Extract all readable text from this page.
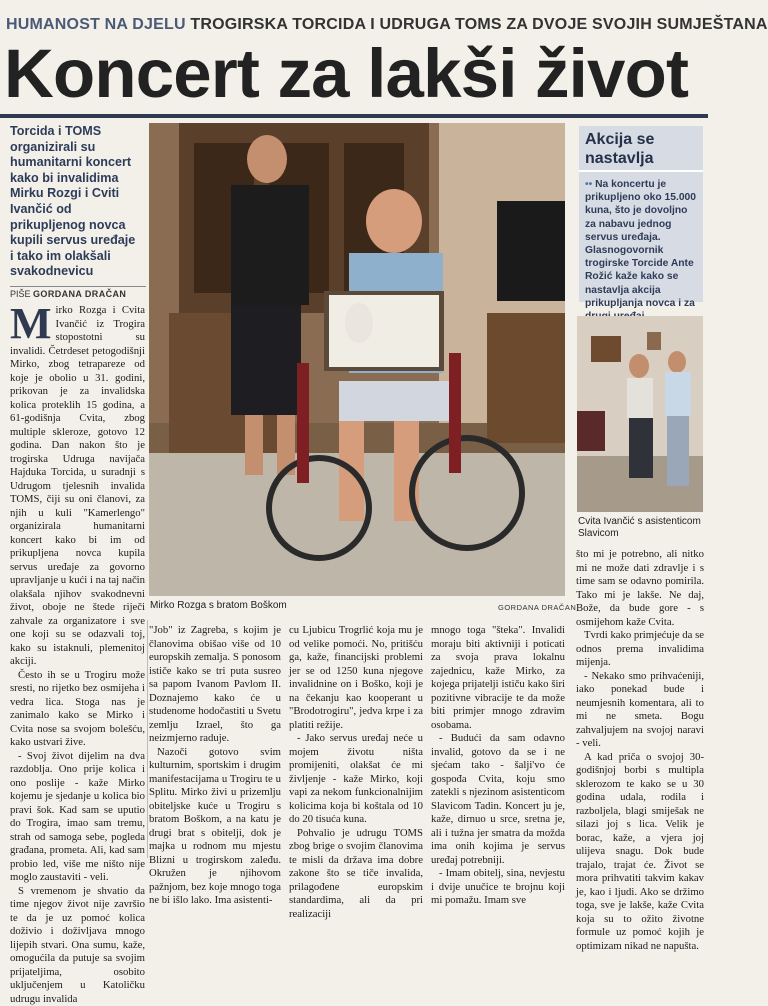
HUMANOST NA DJELU TROGIRSKA TORCIDA I UDRUGA TOMS ZA DVOJE SVOJIH SUMJEŠTANA
Koncert za lakši život
Torcida i TOMS organizirali su humanitarni koncert kako bi invalidima Mirku Rozgi i Cviti Ivančić od prikupljenog novca kupili servus uređaje i tako im olakšali svakodnevicu
PIŠE GORDANA DRAČAN
M irko Rozga i Cvita Ivančić iz Trogira stopostotni su invalidi. Četrdeset petogodišnji Mirko, zbog tetraparezе od koje je obolio u 31. godini, prikovan je za invalidska kolica proteklih 15 godina, a 61-godišnja Cvita, zbog multiple skleroze, gotovo 12 godina. Dan nakon što je trogirska Udruga navijača Hajduka Torcida, u suradnji s Udrugom tjelesnih invalida TOMS, čiji su oni članovi, za njih u kuli "Kamerlengo" organizirala humanitarni koncert kako bi im od prikupljena novca kupila servus uređaje za govorno upravljanje u kući i na taj način olakšala njihov svakodnevni život, oboje ne štede riječi zahvale za organizatore i sve one koji su se odazvali toj, kako su istaknuli, plemenitoj akciji.

Često ih se u Trogiru može sresti, no rijetko bez osmijeha i vedra lica. Stoga nas je zanimalo kako se Mirko i Cvita nose sa svojom bolešću, kako ustvari žive.

- Svoj život dijelim na dva razdoblja. Ono prije kolica i ono poslije - kaže Mirko kojemu je sjedanje u kolica bio pravi šok. Kad sam se uputio do Trogira, imao sam tremu, strah od samoga sebe, pogleda građana, prometa. Ali, kad sam probio led, više me ništo nije moglo zaustaviti - veli.

S vremenom je shvatio da time njegov život nije završio te da je uz pomoć kolica doživio i doživljava mnogo lijepih stvari. Ona sumu, kaže, omogućila da putuje sa svojim prijateljima, osobito uključenjem u Katoličku udrugu invalida

Mirko Rozga s bratom Boškom	GORDANA DRAČAN
Akcija se nastavlja
•• Na koncertu je prikupljeno oko 15.000 kuna, što je dovoljno za nabavu jednog servus uređaja. Glasnogovornik trogirske Torcide Ante Rožić kaže kako se nastavlja akcija prikupljanja novca i za
Cvita Ivančić s asistenticom Slavicom

"Job" iz Zagreba, s kojim je članovima obišao više od 10 europskih zemalja. S ponosom ističe kako se tri puta susreo sa papom Ivanom Pavlom II. Doznajemo kako će u studenome hodočastiti u Svetu zemlju Izrael, što ga neizmjerno raduje.

Nazoči gotovo svim kulturnim, sportskim i drugim manifestacijama u Trogiru te u Splitu. Mirko živi u prizemlju obiteljske kuće u Trogiru s bratom Boškom, a na katu je drugi brat s obitelji, dok je majka u rodnom mu mjestu Blizni u trogirskom zaleđu. Okružen je njihovom pažnjom, bez koje mnogo toga ne bi išlo lako. Ima asistenti-

cu Ljubicu Trogrlić koja mu je od velike pomoći. No, pritišću ga, kaže, financijski problemi jer se od 1250 kuna njegove invalidnine on i Boško, koji je na čekanju kao kooperant u "Brodotrogiru", jedva krpe i za platiti režije.

- Jako servus uređaj neće u mojem životu ništa promijeniti, olakšat će mi življenje - kaže Mirko, koji vapi za nekom funkcionalnijim kolicima koja bi koštala od 10 do 20 tisuća kuna.

Pohvalio je udrugu TOMS zbog brige o svojim članovima te misli da država ima dobre zakone što se tiče invalida, prilagođene europskim standardima, ali da pri realizaciji

mnogo toga "šteka". Invalidi moraju biti aktivniji i poticati za svoja prava lokalnu zajednicu, kaže Mirko, za kojega prijatelji ističu kako širi pozitivne vibracije te da može biti primjer mnogo zdravim osobama.

- Budući da sam odavno invalid, gotovo da se i ne sjećam tako - šalji'vo će gospođa Cvita, koju smo zatekli s njezinom asistenticom Slavicom Tadin. Koncert ju je, kaže, dirnuo u srce, sretna je, ali i tužna jer smatra da možda ima onih kojima je servus uređaj potrebniji.

- Imam obitelj, sina, nevjestu i dvije unučice te brojnu koji mi pomažu. Imam sve

što mi je potrebno, ali nitko mi ne može dati zdravlje i s time sam se odavno pomirila. Tako mi je lakše. Ne daj, Bože, da bude gore - s osmijehom kaže Cvita.

Tvrdi kako primjećuje da se odnos prema invalidima mijenja.

- Nekako smo prihvaćeniji, iako ponekad bude i neumjesnih komentara, ali to mi ne smeta. Bogu zahvaljujem na svojoj naravi - veli.

A kad priča o svojoj 30-godišnjoj borbi s multipla sklerozom te kako se u 30 godina udala, rodila i razboljela, blagi smiješak ne silazi joj s lica. Velik je borac, kaže, a vjera joj ulijeva snagu. Dok bude trajalo, trajat će. Život se mora prihvatiti takvim kakav je, kao i ljudi. Ako se držimo toga, sve je lakše, kaže Cvita koja su to ožito životne formule uz pomoć kojih je optimizam nikad ne napušta.
